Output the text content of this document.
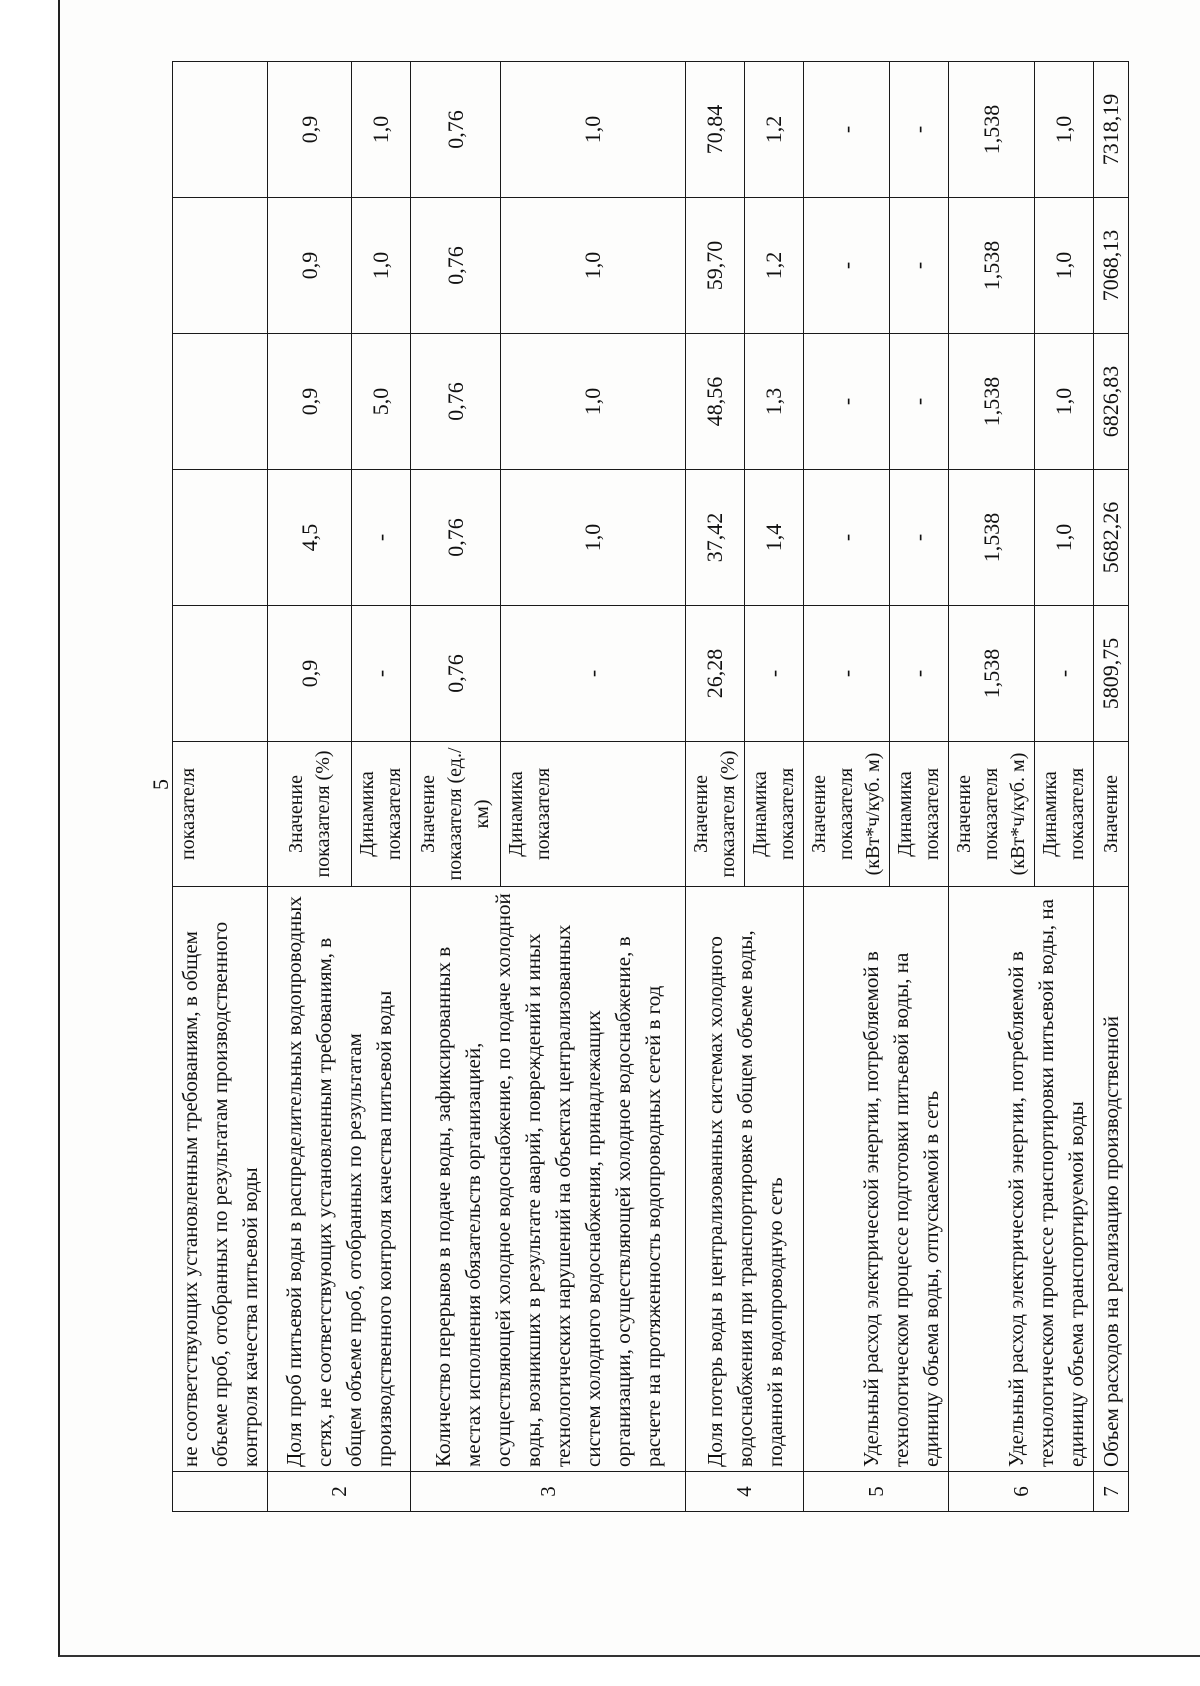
5
	не соответствующих установленным требованиям, в общем объеме проб, отобранных по результатам производственного контроля качества питьевой воды	показателя					
2	Доля проб питьевой воды в распределительных водопроводных сетях, не соответствующих установленным требованиям, в общем объеме проб, отобранных по результатам производственного контроля качества питьевой воды	Значение показателя (%)	0,9	4,5	0,9	0,9	0,9
		Динамика показателя	-	-	5,0	1,0	1,0
3	Количество перерывов в подаче воды, зафиксированных в местах исполнения обязательств организацией, осуществляющей холодное водоснабжение, по подаче холодной воды, возникших в результате аварий, повреждений и иных технологических нарушений на объектах централизованных систем холодного водоснабжения, принадлежащих организации, осуществляющей холодное водоснабжение, в расчете на протяженность водопроводных сетей в год	Значение показателя (ед./км)	0,76	0,76	0,76	0,76	0,76
		Динамика показателя	-	1,0	1,0	1,0	1,0
4	Доля потерь воды в централизованных системах холодного водоснабжения при транспортировке в общем объеме воды, поданной в водопроводную сеть	Значение показателя (%)	26,28	37,42	48,56	59,70	70,84
		Динамика показателя	-	1,4	1,3	1,2	1,2
5	Удельный расход электрической энергии, потребляемой в технологическом процессе подготовки питьевой воды, на единицу объема воды, отпускаемой в сеть	Значение показателя (кВт*ч/куб. м)	-	-	-	-	-
		Динамика показателя	-	-	-	-	-
6	Удельный расход электрической энергии, потребляемой в технологическом процессе транспортировки питьевой воды, на единицу объема транспортируемой воды	Значение показателя (кВт*ч/куб. м)	1,538	1,538	1,538	1,538	1,538
		Динамика показателя	-	1,0	1,0	1,0	1,0
7	Объем расходов на реализацию производственной	Значение	5809,75	5682,26	6826,83	7068,13	7318,19
